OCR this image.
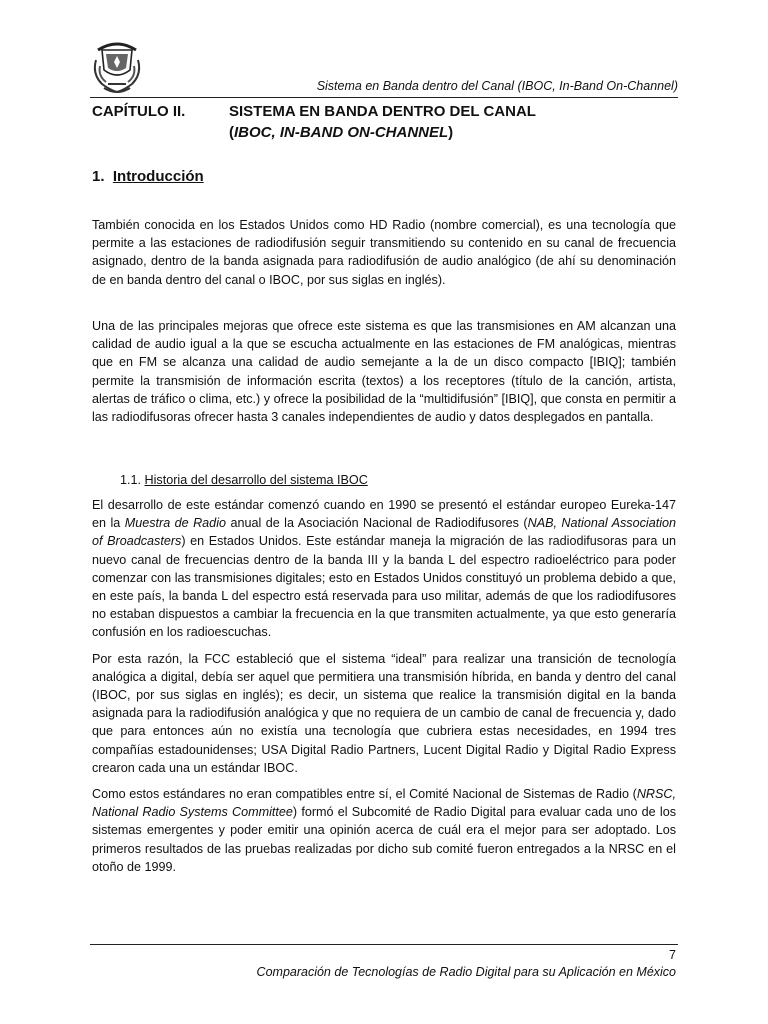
Sistema en Banda dentro del Canal (IBOC, In-Band On-Channel)
CAPÍTULO II.	SISTEMA EN BANDA DENTRO DEL CANAL
(IBOC, IN-BAND ON-CHANNEL)
1. Introducción

También conocida en los Estados Unidos como HD Radio (nombre comercial), es una tecnología que permite a las estaciones de radiodifusión seguir transmitiendo su contenido en su canal de frecuencia asignado, dentro de la banda asignada para radiodifusión de audio analógico (de ahí su denominación de en banda dentro del canal o IBOC, por sus siglas en inglés).

Una de las principales mejoras que ofrece este sistema es que las transmisiones en AM alcanzan una calidad de audio igual a la que se escucha actualmente en las estaciones de FM analógicas, mientras que en FM se alcanza una calidad de audio semejante a la de un disco compacto [IBIQ]; también permite la transmisión de información escrita (textos) a los receptores (título de la canción, artista, alertas de tráfico o clima, etc.) y ofrece la posibilidad de la “multidifusión” [IBIQ], que consta en permitir a las radiodifusoras ofrecer hasta 3 canales independientes de audio y datos desplegados en pantalla.

1.1. Historia del desarrollo del sistema IBOC

El desarrollo de este estándar comenzó cuando en 1990 se presentó el estándar europeo Eureka-147 en la Muestra de Radio anual de la Asociación Nacional de Radiodifusores (NAB, National Association of Broadcasters) en Estados Unidos. Este estándar maneja la migración de las radiodifusoras para un nuevo canal de frecuencias dentro de la banda III y la banda L del espectro radioeléctrico para poder comenzar con las transmisiones digitales; esto en Estados Unidos constituyó un problema debido a que, en este país, la banda L del espectro está reservada para uso militar, además de que los radiodifusores no estaban dispuestos a cambiar la frecuencia en la que transmiten actualmente, ya que esto generaría confusión en los radioescuchas.

Por esta razón, la FCC estableció que el sistema “ideal” para realizar una transición de tecnología analógica a digital, debía ser aquel que permitiera una transmisión híbrida, en banda y dentro del canal (IBOC, por sus siglas en inglés); es decir, un sistema que realice la transmisión digital en la banda asignada para la radiodifusión analógica y que no requiera de un cambio de canal de frecuencia y, dado que para entonces aún no existía una tecnología que cubriera estas necesidades, en 1994 tres compañías estadounidenses; USA Digital Radio Partners, Lucent Digital Radio y Digital Radio Express crearon cada una un estándar IBOC.

Como estos estándares no eran compatibles entre sí, el Comité Nacional de Sistemas de Radio (NRSC, National Radio Systems Committee) formó el Subcomité de Radio Digital para evaluar cada uno de los sistemas emergentes y poder emitir una opinión acerca de cuál era el mejor para ser adoptado. Los primeros resultados de las pruebas realizadas por dicho sub comité fueron entregados a la NRSC en el otoño de 1999.

7
Comparación de Tecnologías de Radio Digital para su Aplicación en México
